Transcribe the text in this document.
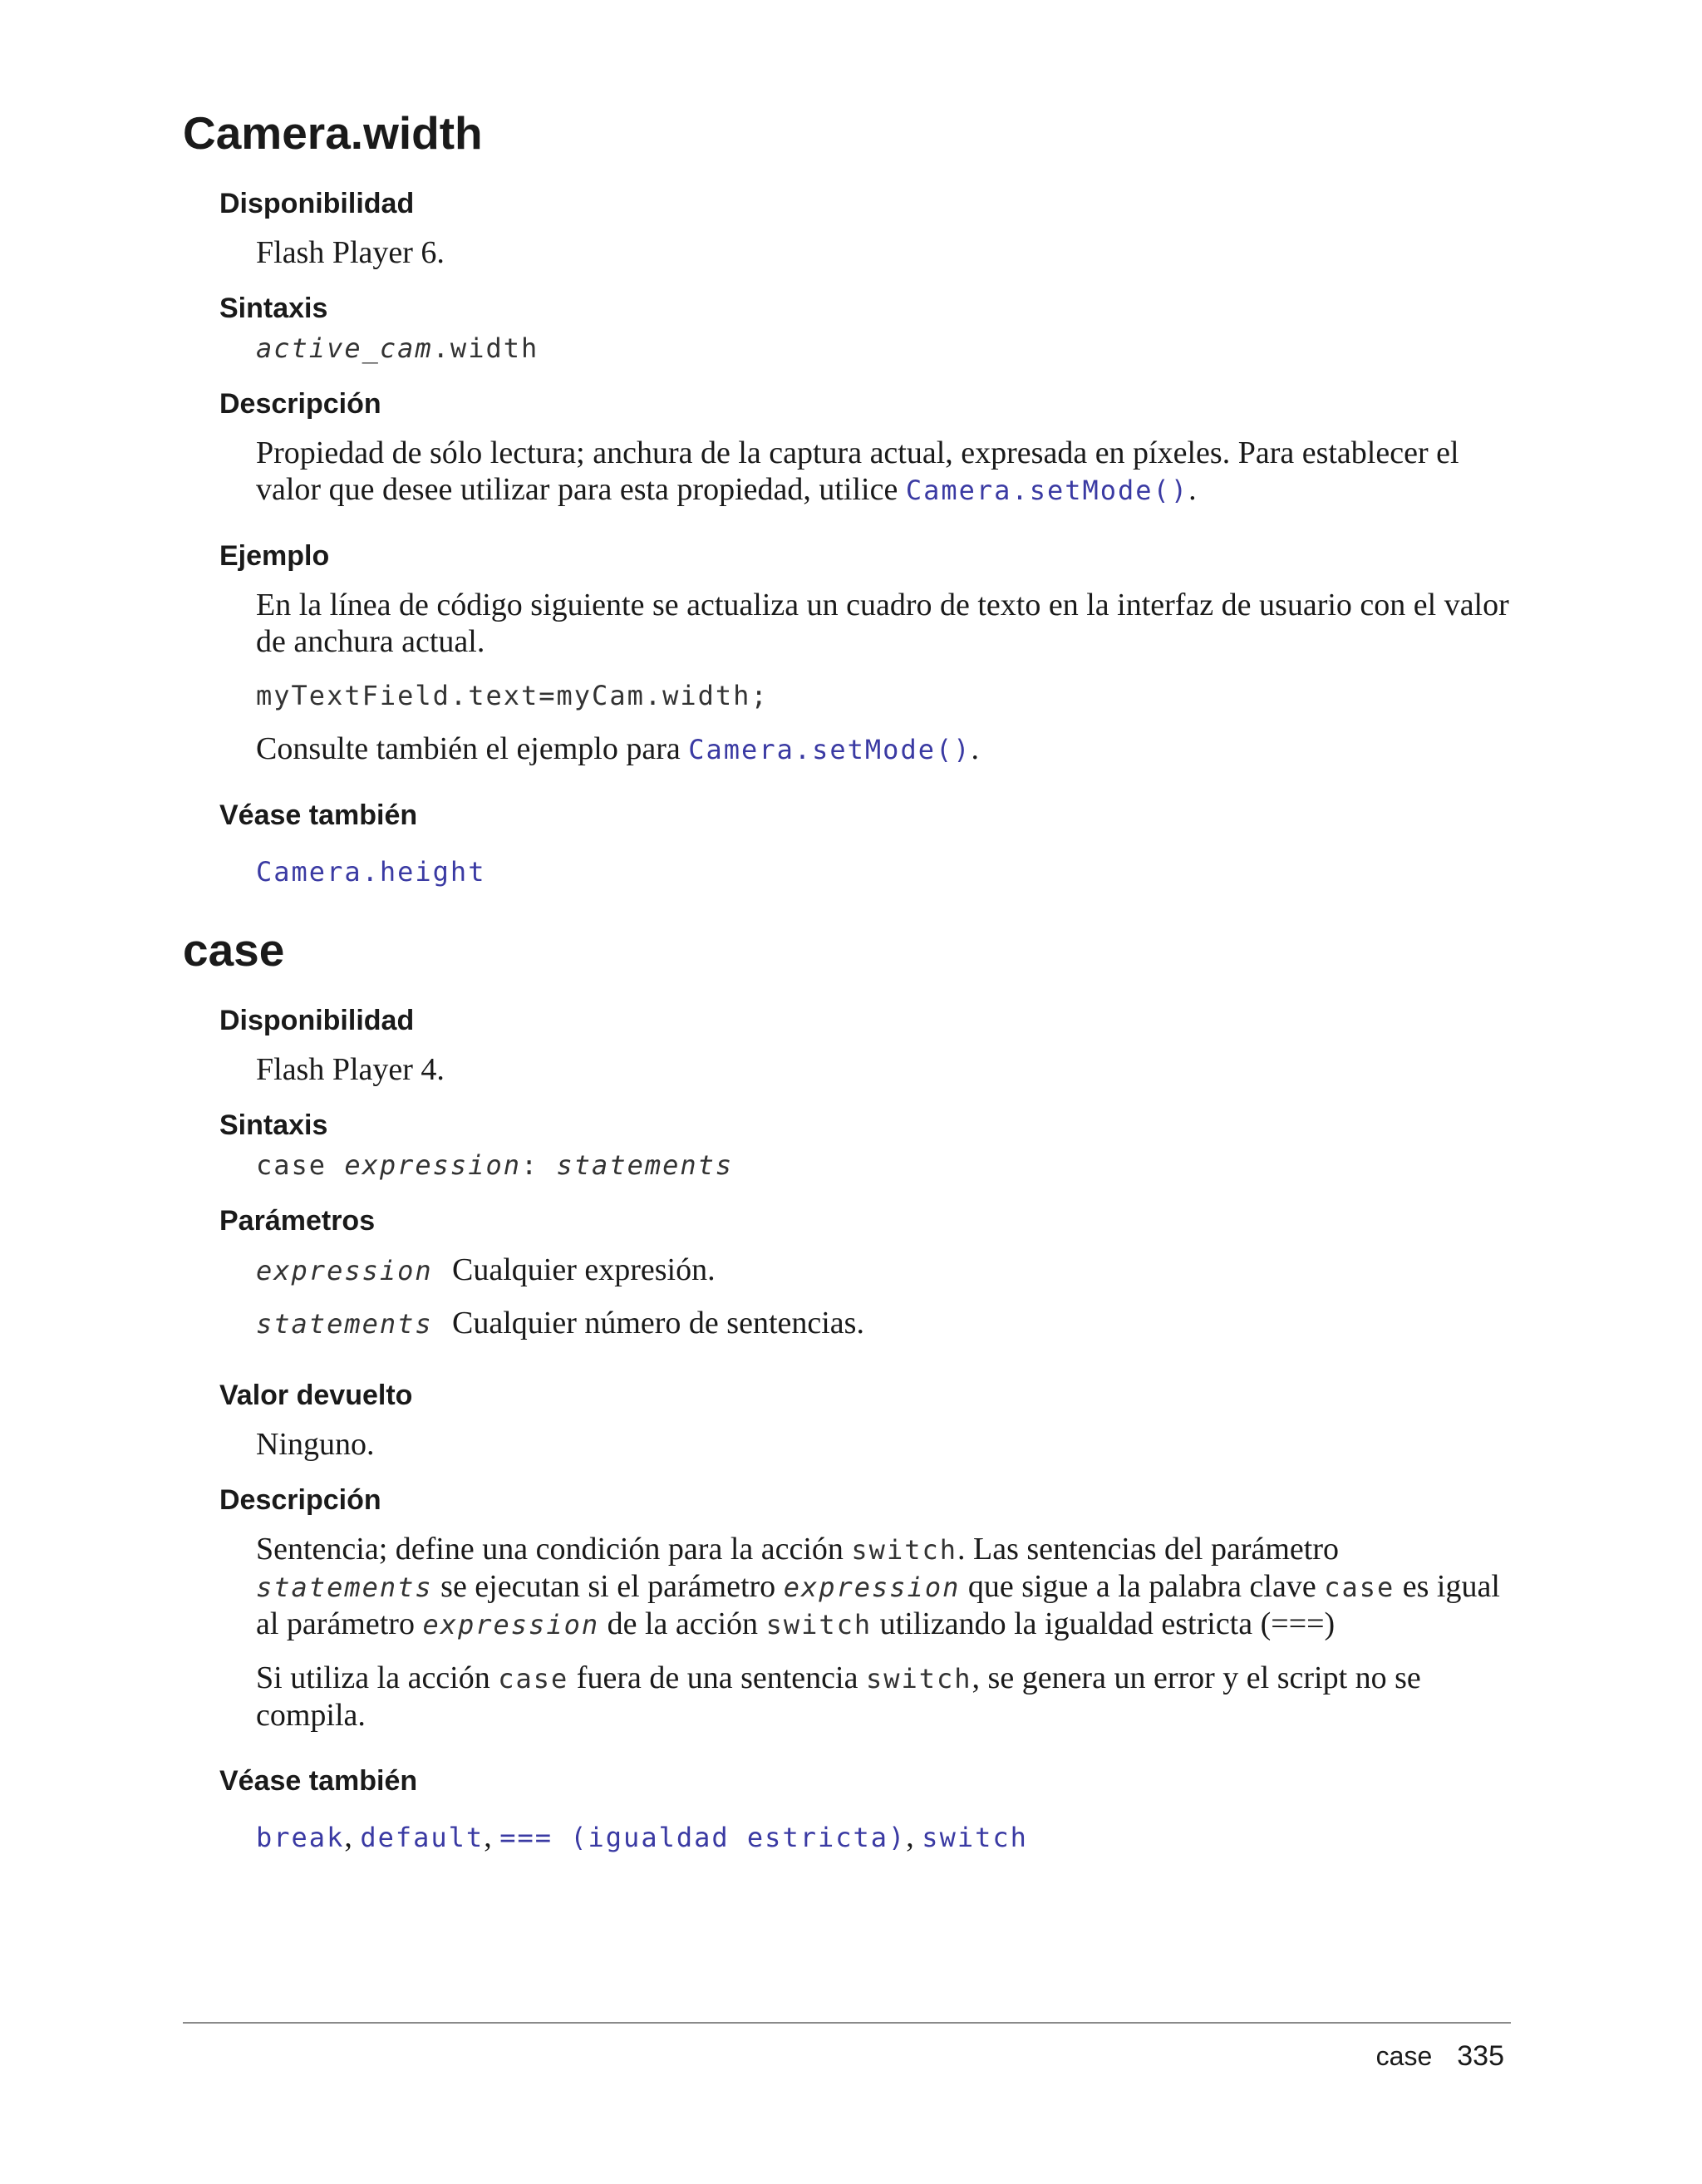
Camera.width
Disponibilidad

Flash Player 6.

Sintaxis

active_cam.width

Descripción

Propiedad de sólo lectura; anchura de la captura actual, expresada en píxeles. Para establecer el valor que desee utilizar para esta propiedad, utilice Camera.setMode().

Ejemplo

En la línea de código siguiente se actualiza un cuadro de texto en la interfaz de usuario con el valor de anchura actual.

myTextField.text=myCam.width;

Consulte también el ejemplo para Camera.setMode().

Véase también

Camera.height

case
Disponibilidad

Flash Player 4.

Sintaxis

case expression: statements

Parámetros
expression Cualquier expresión.
statements Cualquier número de sentencias.
Valor devuelto

Ninguno.

Descripción

Sentencia; define una condición para la acción switch. Las sentencias del parámetro statements se ejecutan si el parámetro expression que sigue a la palabra clave case es igual al parámetro expression de la acción switch utilizando la igualdad estricta (===)

Si utiliza la acción case fuera de una sentencia switch, se genera un error y el script no se compila.

Véase también

break, default, === (igualdad estricta), switch

case 335
